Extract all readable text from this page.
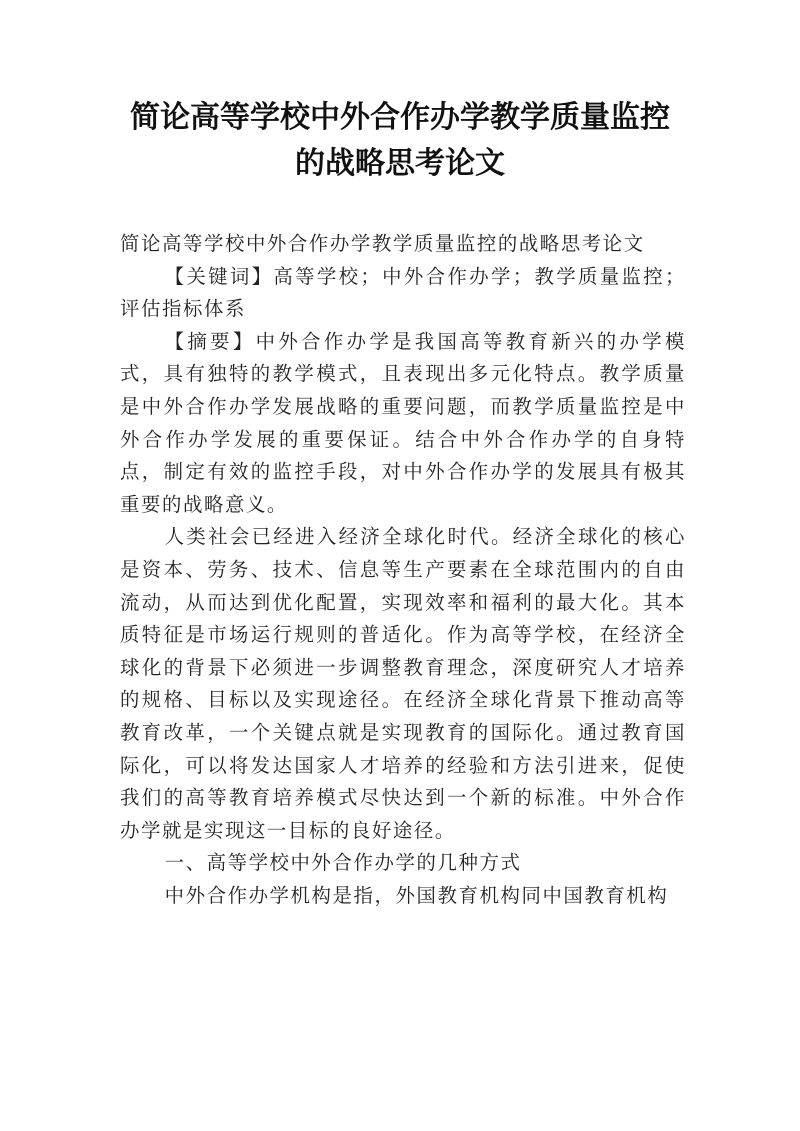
简论高等学校中外合作办学教学质量监控
的战略思考论文

简论高等学校中外合作办学教学质量监控的战略思考论文

【关键词】高等学校；中外合作办学；教学质量监控；评估指标体系

【摘要】中外合作办学是我国高等教育新兴的办学模式，具有独特的教学模式，且表现出多元化特点。教学质量是中外合作办学发展战略的重要问题，而教学质量监控是中外合作办学发展的重要保证。结合中外合作办学的自身特点，制定有效的监控手段，对中外合作办学的发展具有极其重要的战略意义。

人类社会已经进入经济全球化时代。经济全球化的核心是资本、劳务、技术、信息等生产要素在全球范围内的自由流动，从而达到优化配置，实现效率和福利的最大化。其本质特征是市场运行规则的普适化。作为高等学校，在经济全球化的背景下必须进一步调整教育理念，深度研究人才培养的规格、目标以及实现途径。在经济全球化背景下推动高等教育改革，一个关键点就是实现教育的国际化。通过教育国际化，可以将发达国家人才培养的经验和方法引进来，促使我们的高等教育培养模式尽快达到一个新的标准。中外合作办学就是实现这一目标的良好途径。

一、高等学校中外合作办学的几种方式

中外合作办学机构是指，外国教育机构同中国教育机构
